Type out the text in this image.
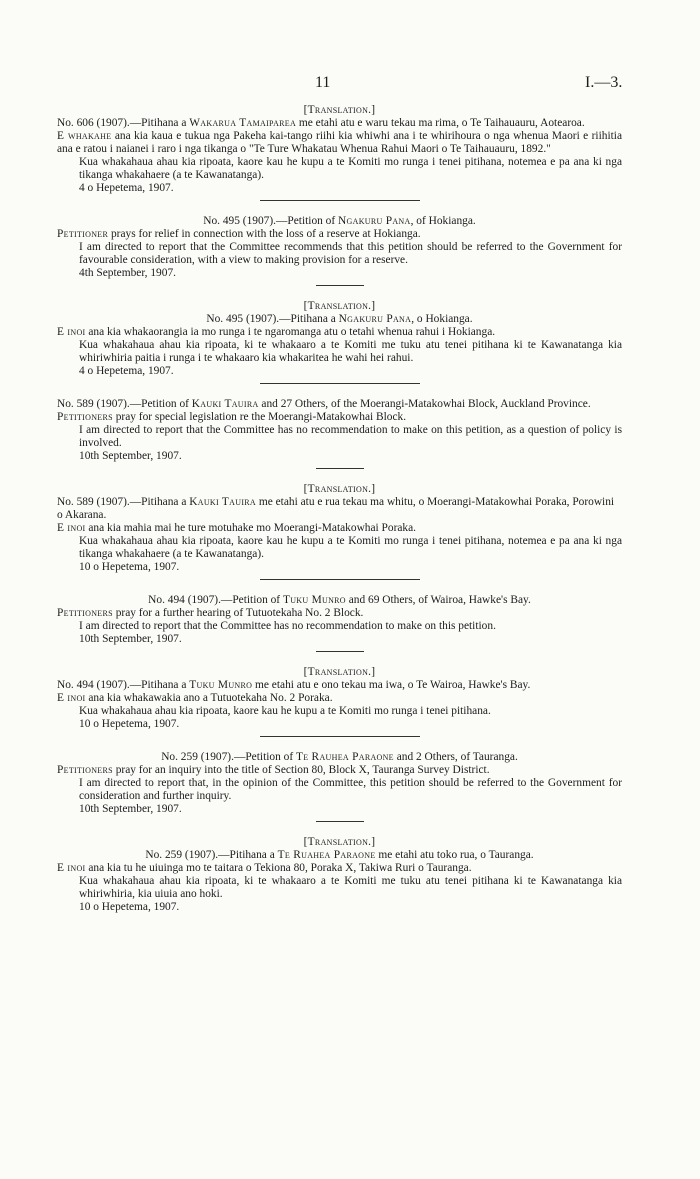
11	I.—3.
[Translation.]
No. 606 (1907).—Pitihana a Wakarua Tamaiparea me etahi atu e waru tekau ma rima, o Te Taihauauru, Aotearoa.
E whakahe ana kia kaua e tukua nga Pakeha kai-tango riihi kia whiwhi ana i te whirihoura o nga whenua Maori e riihitia ana e ratou i naianei i raro i nga tikanga o "Te Ture Whakatau Whenua Rahui Maori o Te Taihauauru, 1892."
Kua whakahaua ahau kia ripoata, kaore kau he kupu a te Komiti mo runga i tenei pitihana, notemea e pa ana ki nga tikanga whakahaere (a te Kawanatanga).
4 o Hepetema, 1907.
No. 495 (1907).—Petition of Ngakuru Pana, of Hokianga.
Petitioner prays for relief in connection with the loss of a reserve at Hokianga.
I am directed to report that the Committee recommends that this petition should be referred to the Government for favourable consideration, with a view to making provision for a reserve.
4th September, 1907.
[Translation.]
No. 495 (1907).—Pitihana a Ngakuru Pana, o Hokianga.
E inoi ana kia whakaorangia ia mo runga i te ngaromanga atu o tetahi whenua rahui i Hokianga.
Kua whakahaua ahau kia ripoata, ki te whakaaro a te Komiti me tuku atu tenei pitihana ki te Kawanatanga kia whiriwhiria paitia i runga i te whakaaro kia whakaritea he wahi hei rahui.
4 o Hepetema, 1907.
No. 589 (1907).—Petition of Kauki Tauira and 27 Others, of the Moerangi-Matakowhai Block, Auckland Province.
Petitioners pray for special legislation re the Moerangi-Matakowhai Block.
I am directed to report that the Committee has no recommendation to make on this petition, as a question of policy is involved.
10th September, 1907.
[Translation.]
No. 589 (1907).—Pitihana a Kauki Tauira me etahi atu e rua tekau ma whitu, o Moerangi-Matakowhai Poraka, Porowini o Akarana.
E inoi ana kia mahia mai he ture motuhake mo Moerangi-Matakowhai Poraka.
Kua whakahaua ahau kia ripoata, kaore kau he kupu a te Komiti mo runga i tenei pitihana, notemea e pa ana ki nga tikanga whakahaere (a te Kawanatanga).
10 o Hepetema, 1907.
No. 494 (1907).—Petition of Tuku Munro and 69 Others, of Wairoa, Hawke's Bay.
Petitioners pray for a further hearing of Tutuotekaha No. 2 Block.
I am directed to report that the Committee has no recommendation to make on this petition.
10th September, 1907.
[Translation.]
No. 494 (1907).—Pitihana a Tuku Munro me etahi atu e ono tekau ma iwa, o Te Wairoa, Hawke's Bay.
E inoi ana kia whakawakia ano a Tutuotekaha No. 2 Poraka.
Kua whakahaua ahau kia ripoata, kaore kau he kupu a te Komiti mo runga i tenei pitihana.
10 o Hepetema, 1907.
No. 259 (1907).—Petition of Te Rauhea Paraone and 2 Others, of Tauranga.
Petitioners pray for an inquiry into the title of Section 80, Block X, Tauranga Survey District.
I am directed to report that, in the opinion of the Committee, this petition should be referred to the Government for consideration and further inquiry.
10th September, 1907.
[Translation.]
No. 259 (1907).—Pitihana a Te Ruahea Paraone me etahi atu toko rua, o Tauranga.
E inoi ana kia tu he uiuinga mo te taitara o Tekiona 80, Poraka X, Takiwa Ruri o Tauranga.
Kua whakahaua ahau kia ripoata, ki te whakaaro a te Komiti me tuku atu tenei pitihana ki te Kawanatanga kia whiriwhiria, kia uiuia ano hoki.
10 o Hepetema, 1907.
